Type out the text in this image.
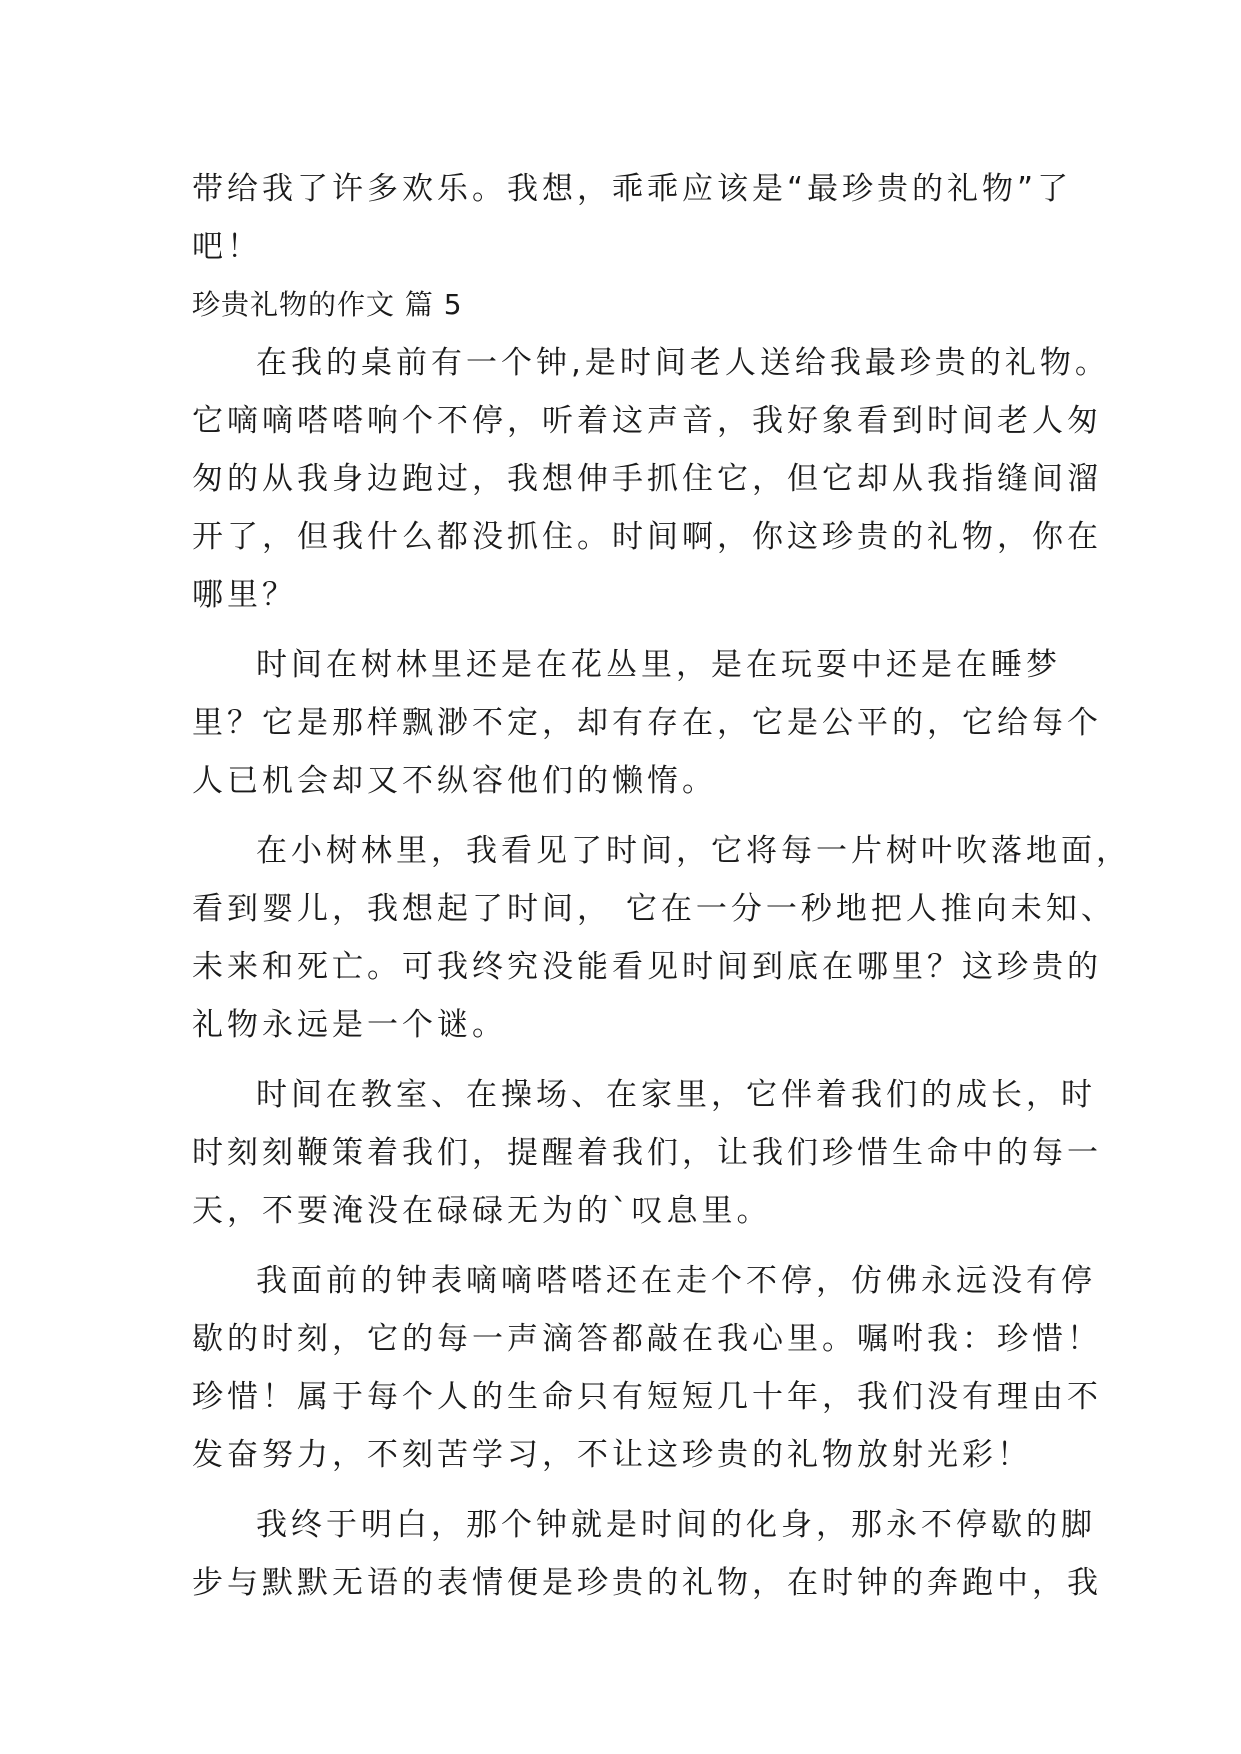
带给我了许多欢乐。我想，乖乖应该是“最珍贵的礼物”了
吧！
珍贵礼物的作文 篇 5
在我的桌前有一个钟,是时间老人送给我最珍贵的礼物。
它嘀嘀嗒嗒响个不停，听着这声音，我好象看到时间老人匆
匆的从我身边跑过，我想伸手抓住它，但它却从我指缝间溜
开了，但我什么都没抓住。时间啊，你这珍贵的礼物，你在
哪里？
时间在树林里还是在花丛里，是在玩耍中还是在睡梦
里？它是那样飘渺不定，却有存在，它是公平的，它给每个
人已机会却又不纵容他们的懒惰。
在小树林里，我看见了时间，它将每一片树叶吹落地面，
看到婴儿，我想起了时间， 它在一分一秒地把人推向未知、
未来和死亡。可我终究没能看见时间到底在哪里？这珍贵的
礼物永远是一个谜。
时间在教室、在操场、在家里，它伴着我们的成长，时
时刻刻鞭策着我们，提醒着我们，让我们珍惜生命中的每一
天，不要淹没在碌碌无为的`叹息里。
我面前的钟表嘀嘀嗒嗒还在走个不停，仿佛永远没有停
歇的时刻，它的每一声滴答都敲在我心里。嘱咐我：珍惜！
珍惜！属于每个人的生命只有短短几十年，我们没有理由不
发奋努力，不刻苦学习，不让这珍贵的礼物放射光彩！
我终于明白，那个钟就是时间的化身，那永不停歇的脚
步与默默无语的表情便是珍贵的礼物，在时钟的奔跑中，我
